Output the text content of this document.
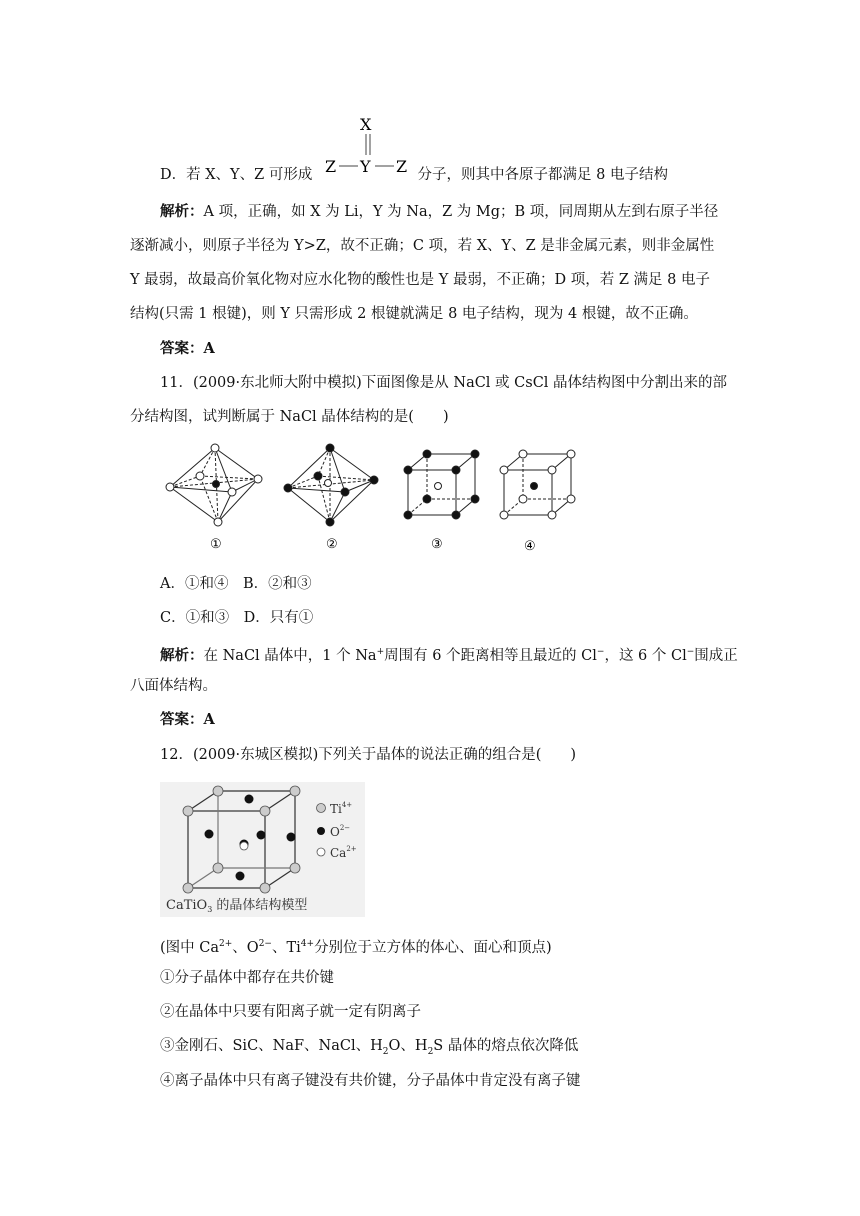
D．若 X、Y、Z 可形成	分子，则其中各原子都满足 8 电子结构
X
Z Y Z
解析：A 项，正确，如 X 为 Li，Y 为 Na，Z 为 Mg；B 项，同周期从左到右原子半径
逐渐减小，则原子半径为 Y>Z，故不正确；C 项，若 X、Y、Z 是非金属元素，则非金属性
Y 最弱，故最高价氧化物对应水化物的酸性也是 Y 最弱，不正确；D 项，若 Z 满足 8 电子
结构(只需 1 根键)，则 Y 只需形成 2 根键就满足 8 电子结构，现为 4 根键，故不正确。
答案：A
11．(2009·东北师大附中模拟)下面图像是从 NaCl 或 CsCl 晶体结构图中分割出来的部
分结构图，试判断属于 NaCl 晶体结构的是(　　)
①	②	③	④
A．①和④　B．②和③
C．①和③　D．只有①
解析：在 NaCl 晶体中，1 个 Na+周围有 6 个距离相等且最近的 Cl−，这 6 个 Cl−围成正
八面体结构。
答案：A
12．(2009·东城区模拟)下列关于晶体的说法正确的组合是(　　)
$Ti^{4+}$
$O^{2-}$
$Ca^{2+}$
CaTiO$_3$ 的晶体结构模型
(图中 $Ca^{2+}$、$O^{2-}$、$Ti^{4+}$分别位于立方体的体心、面心和顶点)
①分子晶体中都存在共价键
②在晶体中只要有阳离子就一定有阴离子
③金刚石、SiC、NaF、NaCl、$H_2O$、$H_2S$ 晶体的熔点依次降低
④离子晶体中只有离子键没有共价键，分子晶体中肯定没有离子键
